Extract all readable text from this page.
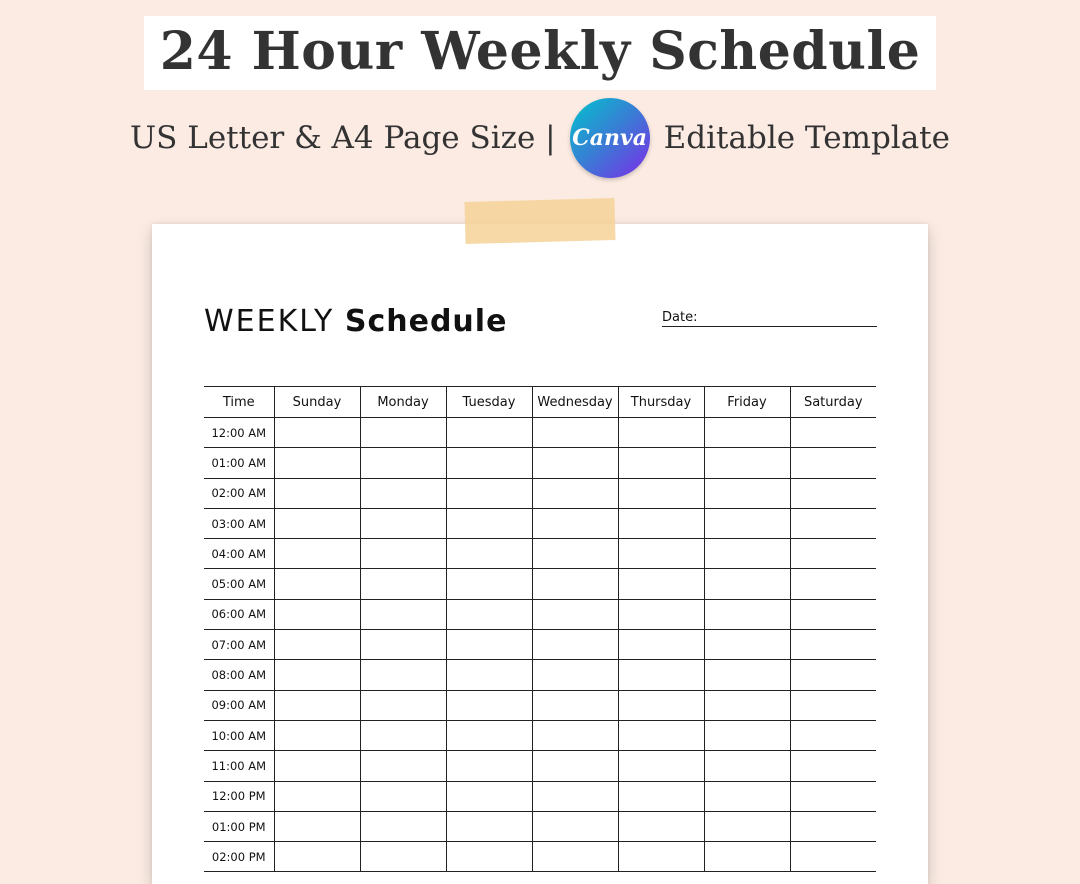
24 Hour Weekly Schedule
US Letter & A4 Page Size | Canva Editable Template
WEEKLY Schedule	Date:
Time	Sunday	Monday	Tuesday	Wednesday	Thursday	Friday	Saturday
12:00 AM							
01:00 AM							
02:00 AM							
03:00 AM							
04:00 AM							
05:00 AM							
06:00 AM							
07:00 AM							
08:00 AM							
09:00 AM							
10:00 AM							
11:00 AM							
12:00 PM							
01:00 PM							
02:00 PM							
